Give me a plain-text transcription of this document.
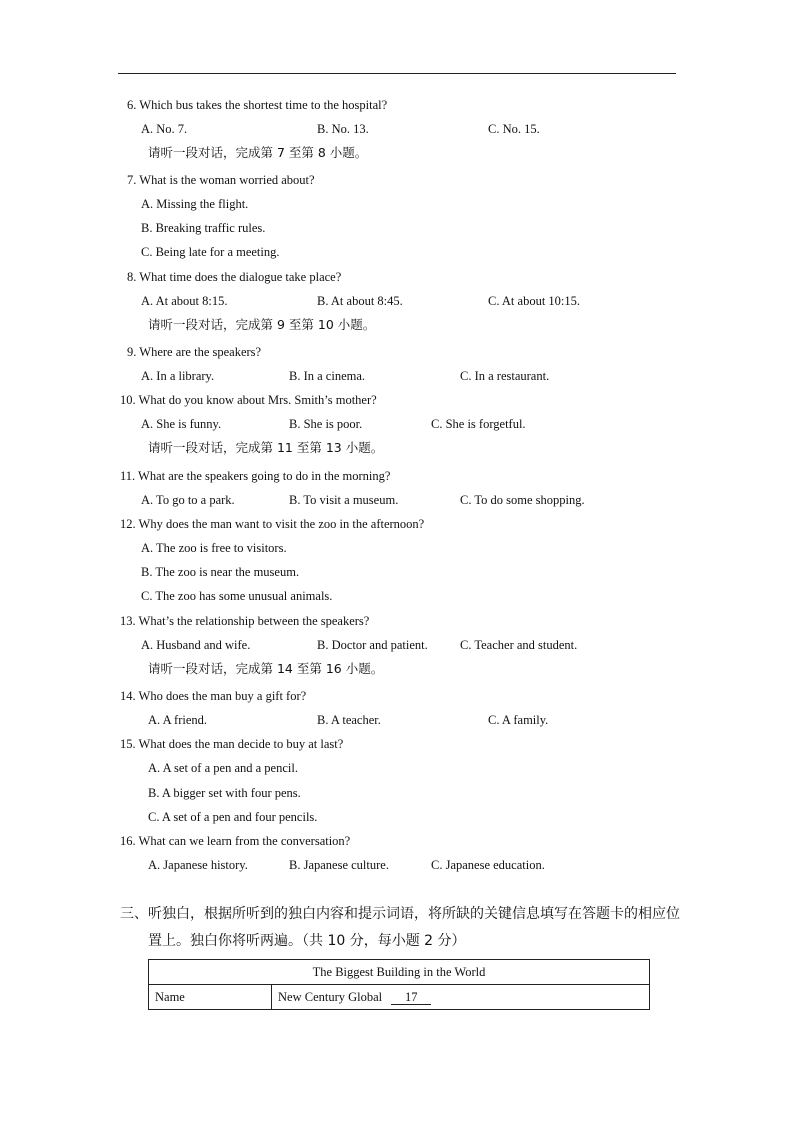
6. Which bus takes the shortest time to the hospital?
A. No. 7.	B. No. 13.	C. No. 15.
请听一段对话，完成第 7 至第 8 小题。
7. What is the woman worried about?
A. Missing the flight.
B. Breaking traffic rules.
C. Being late for a meeting.
8. What time does the dialogue take place?
A. At about 8:15.	B. At about 8:45.	C. At about 10:15.
请听一段对话，完成第 9 至第 10 小题。
9. Where are the speakers?
A. In a library.	B. In a cinema.	C. In a restaurant.
10. What do you know about Mrs. Smith’s mother?
A. She is funny.	B. She is poor.	C. She is forgetful.
请听一段对话，完成第 11 至第 13 小题。
11. What are the speakers going to do in the morning?
A. To go to a park.	B. To visit a museum.	C. To do some shopping.
12. Why does the man want to visit the zoo in the afternoon?
A. The zoo is free to visitors.
B. The zoo is near the museum.
C. The zoo has some unusual animals.
13. What’s the relationship between the speakers?
A. Husband and wife.	B. Doctor and patient.	C. Teacher and student.
请听一段对话，完成第 14 至第 16 小题。
14. Who does the man buy a gift for?
A. A friend.	B. A teacher.	C. A family.
15. What does the man decide to buy at last?
A. A set of a pen and a pencil.
B. A bigger set with four pens.
C. A set of a pen and four pencils.
16. What can we learn from the conversation?
A. Japanese history.	B. Japanese culture.	C. Japanese education.
三、听独白，根据所听到的独白内容和提示词语，将所缺的关键信息填写在答题卡的相应位
置上。独白你将听两遍。（共 10 分，每小题 2 分）
The Biggest Building in the World
Name	New Century Global 17
